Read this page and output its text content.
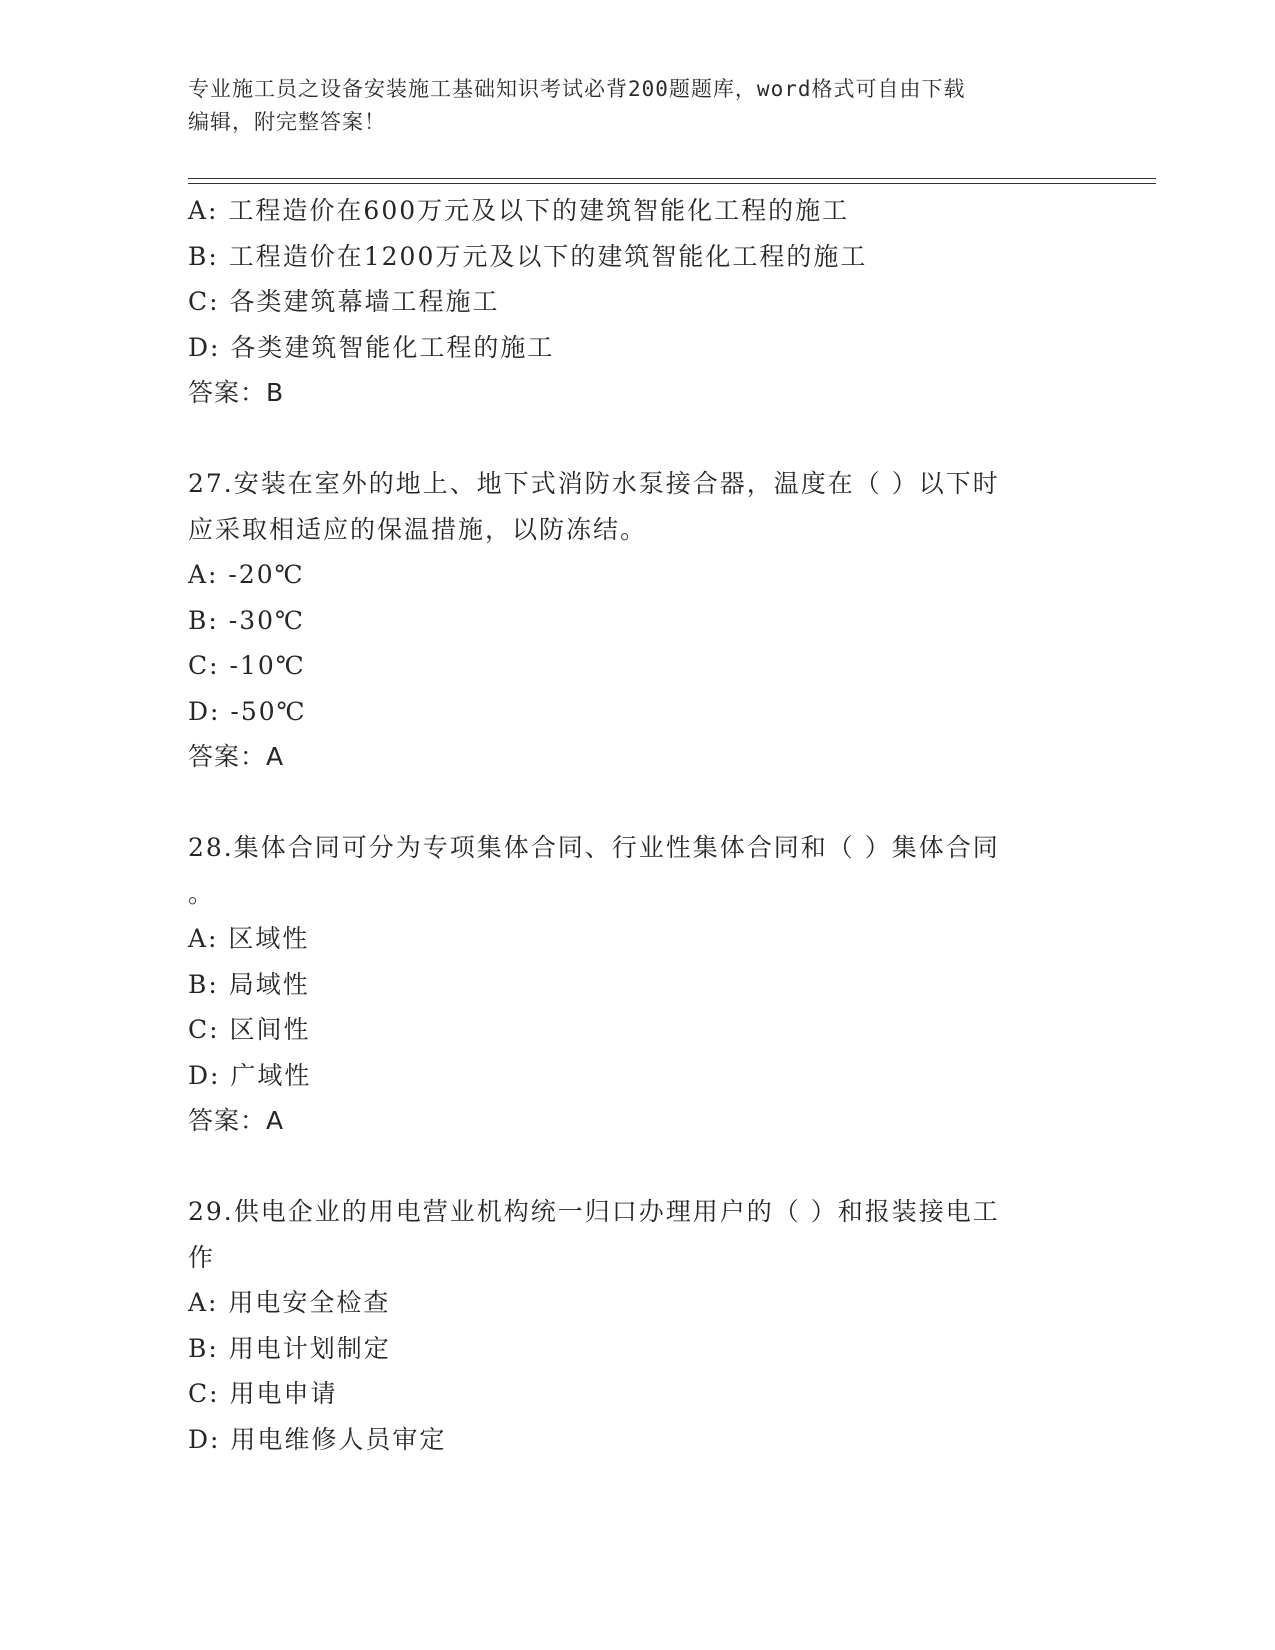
专业施工员之设备安装施工基础知识考试必背200题题库，word格式可自由下载
编辑，附完整答案！
A: 工程造价在600万元及以下的建筑智能化工程的施工
B: 工程造价在1200万元及以下的建筑智能化工程的施工
C: 各类建筑幕墙工程施工
D: 各类建筑智能化工程的施工
答案：B
27.安装在室外的地上、地下式消防水泵接合器，温度在（ ）以下时
应采取相适应的保温措施，以防冻结。
A: -20℃
B: -30℃
C: -10℃
D: -50℃
答案：A
28.集体合同可分为专项集体合同、行业性集体合同和（ ）集体合同
。
A: 区域性
B: 局域性
C: 区间性
D: 广域性
答案：A
29.供电企业的用电营业机构统一归口办理用户的（ ）和报装接电工
作
A: 用电安全检查
B: 用电计划制定
C: 用电申请
D: 用电维修人员审定
